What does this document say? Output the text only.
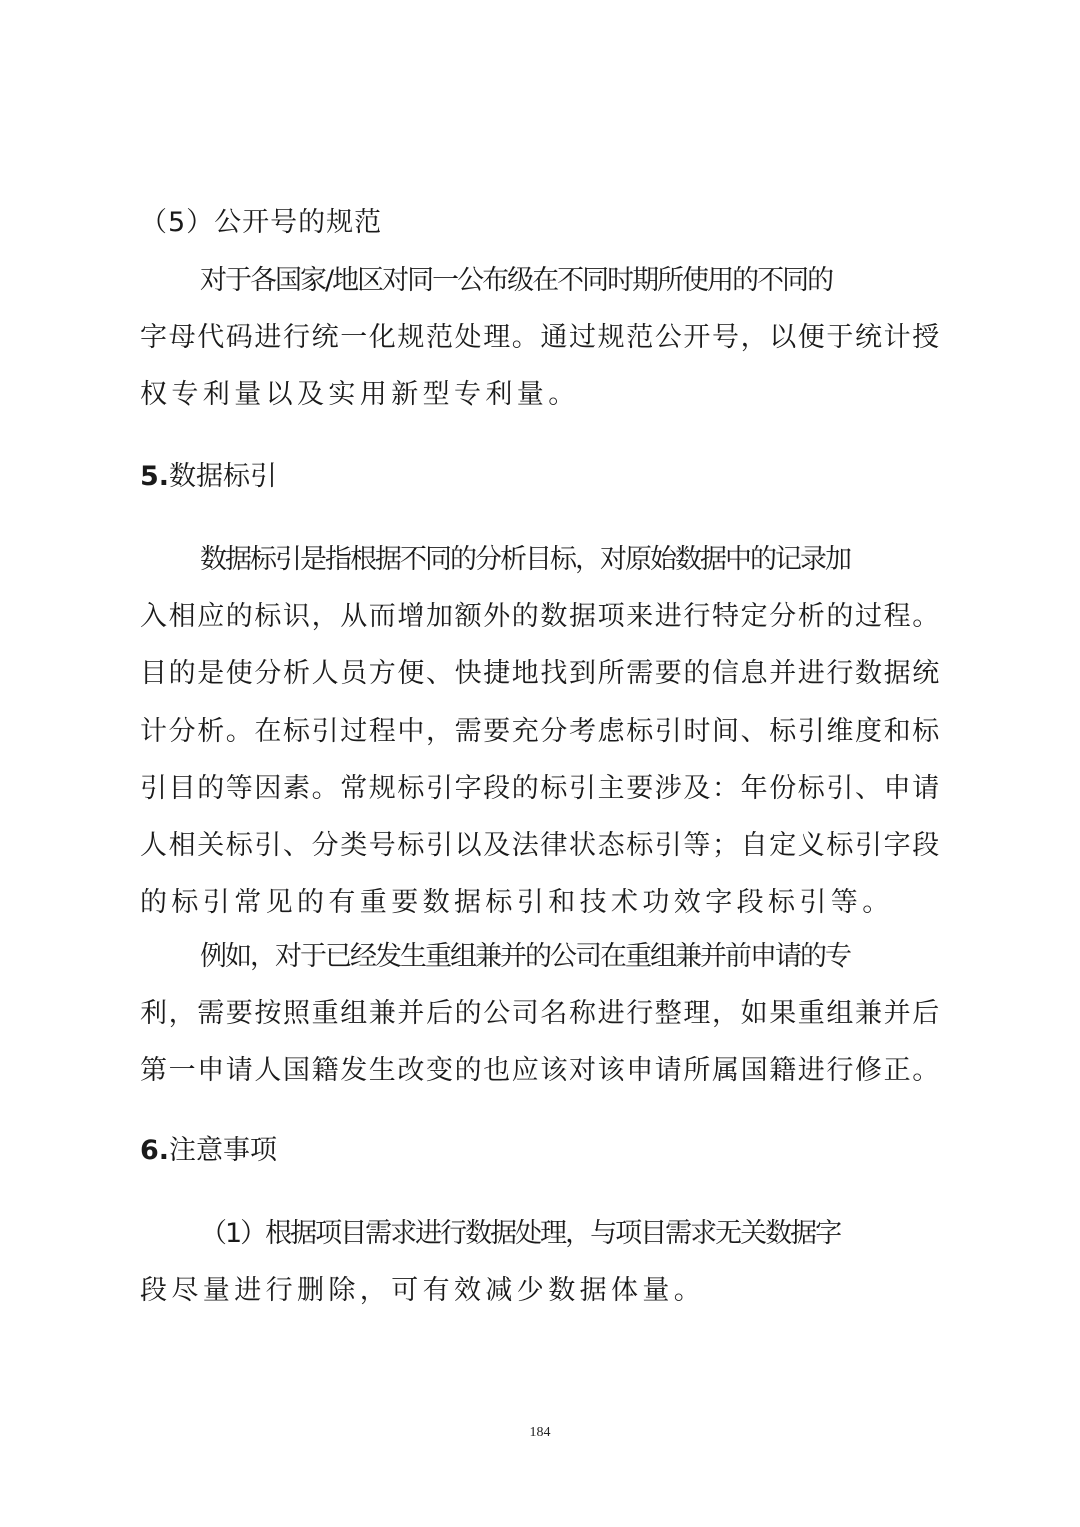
（5）公开号的规范

对于各国家/地区对同一公布级在不同时期所使用的不同的
字母代码进行统一化规范处理。通过规范公开号，以便于统计授
权专利量以及实用新型专利量。

5.数据标引

数据标引是指根据不同的分析目标，对原始数据中的记录加
入相应的标识，从而增加额外的数据项来进行特定分析的过程。
目的是使分析人员方便、快捷地找到所需要的信息并进行数据统
计分析。在标引过程中，需要充分考虑标引时间、标引维度和标
引目的等因素。常规标引字段的标引主要涉及：年份标引、申请
人相关标引、分类号标引以及法律状态标引等；自定义标引字段
的标引常见的有重要数据标引和技术功效字段标引等。

例如，对于已经发生重组兼并的公司在重组兼并前申请的专
利，需要按照重组兼并后的公司名称进行整理，如果重组兼并后
第一申请人国籍发生改变的也应该对该申请所属国籍进行修正。

6.注意事项

（1）根据项目需求进行数据处理，与项目需求无关数据字
段尽量进行删除，可有效减少数据体量。

184
